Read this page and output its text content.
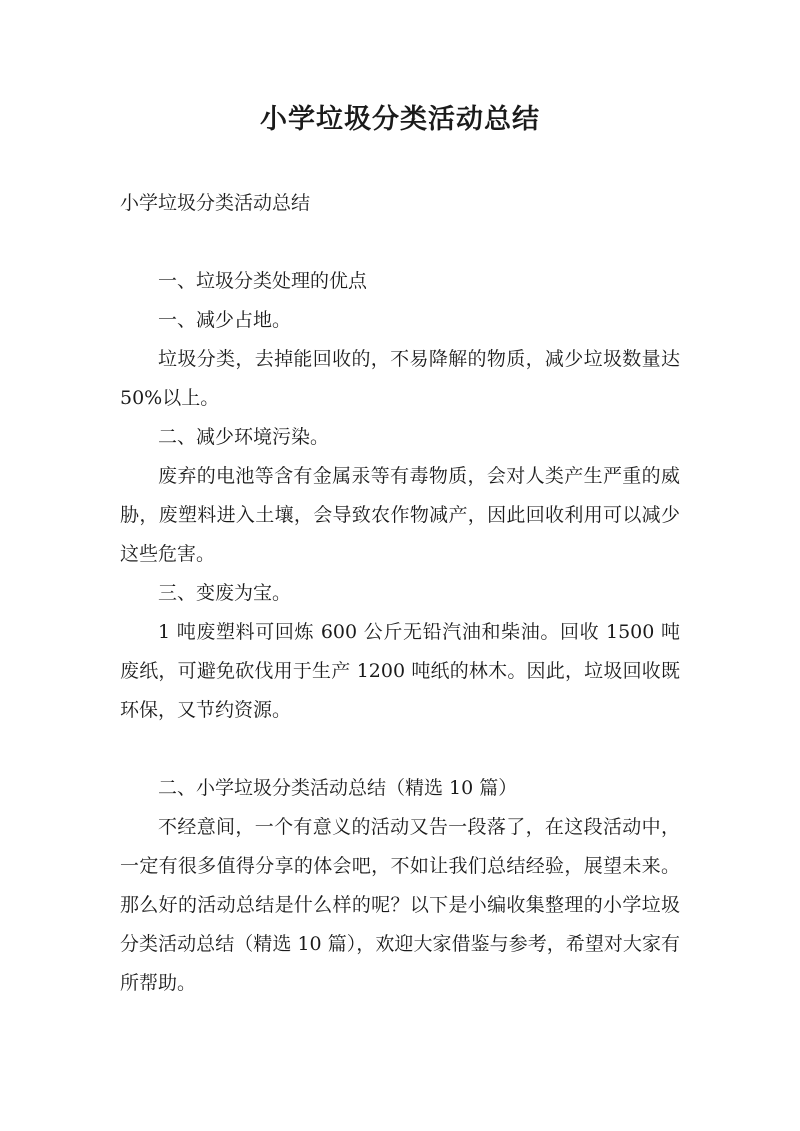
小学垃圾分类活动总结
小学垃圾分类活动总结
一、垃圾分类处理的优点
一、减少占地。

垃圾分类，去掉能回收的，不易降解的物质，减少垃圾数量达 50%以上。

二、减少环境污染。

废弃的电池等含有金属汞等有毒物质，会对人类产生严重的威胁，废塑料进入土壤，会导致农作物减产，因此回收利用可以减少这些危害。

三、变废为宝。

1 吨废塑料可回炼 600 公斤无铅汽油和柴油。回收 1500 吨废纸，可避免砍伐用于生产 1200 吨纸的林木。因此，垃圾回收既环保，又节约资源。

二、小学垃圾分类活动总结（精选 10 篇）

不经意间，一个有意义的活动又告一段落了，在这段活动中，一定有很多值得分享的体会吧，不如让我们总结经验，展望未来。那么好的活动总结是什么样的呢？以下是小编收集整理的小学垃圾分类活动总结（精选 10 篇），欢迎大家借鉴与参考，希望对大家有所帮助。
